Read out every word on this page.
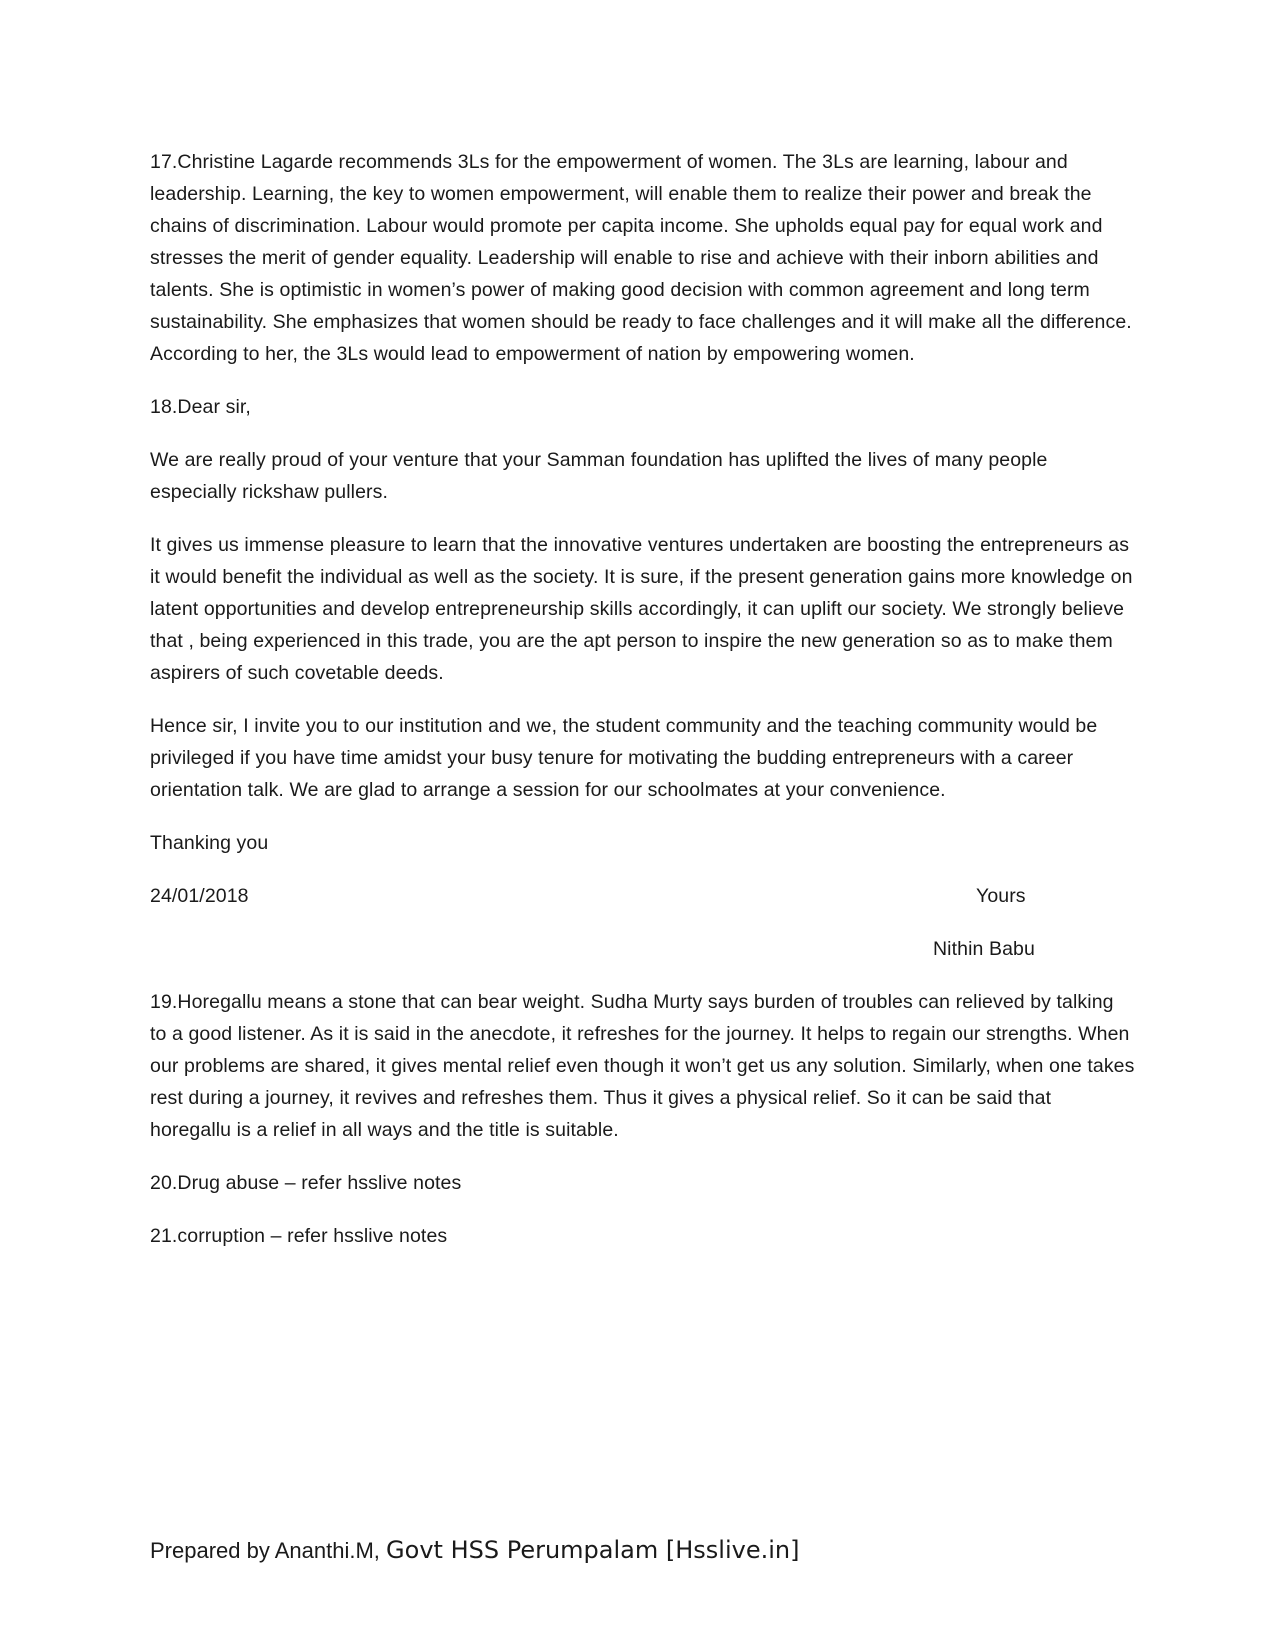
17.Christine Lagarde recommends 3Ls for the empowerment of women. The 3Ls are learning, labour and leadership. Learning, the key to women empowerment, will enable them to realize their power and break the chains of discrimination. Labour would promote per capita income. She upholds equal pay for equal work and stresses the merit of gender equality. Leadership will enable to rise and achieve with their inborn abilities and talents. She is optimistic in women’s power of making good decision with common agreement and long term sustainability. She emphasizes that women should be ready to face challenges and it will make all the difference. According to her, the 3Ls would lead to empowerment of nation by empowering women.

18.Dear sir,

We are really proud of your venture that your Samman foundation has uplifted the lives of many people especially rickshaw pullers.

It gives us immense pleasure to learn that the innovative ventures undertaken are boosting the entrepreneurs as it would benefit the individual as well as the society. It is sure, if the present generation gains more knowledge on latent opportunities and develop entrepreneurship skills accordingly, it can uplift our society. We strongly believe that , being experienced in this trade, you are the apt person to inspire the new generation so as to make them aspirers of such covetable deeds.

Hence sir, I invite you to our institution and we, the student community and the teaching community would be privileged if you have time amidst your busy tenure for motivating the budding entrepreneurs with a career orientation talk. We are glad to arrange a session for our schoolmates at your convenience.

Thanking you

24/01/2018	Yours
Nithin Babu

19.Horegallu means a stone that can bear weight. Sudha Murty says burden of troubles can relieved by talking to a good listener. As it is said in the anecdote, it refreshes for the journey. It helps to regain our strengths. When our problems are shared, it gives mental relief even though it won’t get us any solution. Similarly, when one takes rest during a journey, it revives and refreshes them. Thus it gives a physical relief. So it can be said that horegallu is a relief in all ways and the title is suitable.

20.Drug abuse – refer hsslive notes

21.corruption – refer hsslive notes

Prepared by Ananthi.M, Govt HSS Perumpalam [Hsslive.in]
